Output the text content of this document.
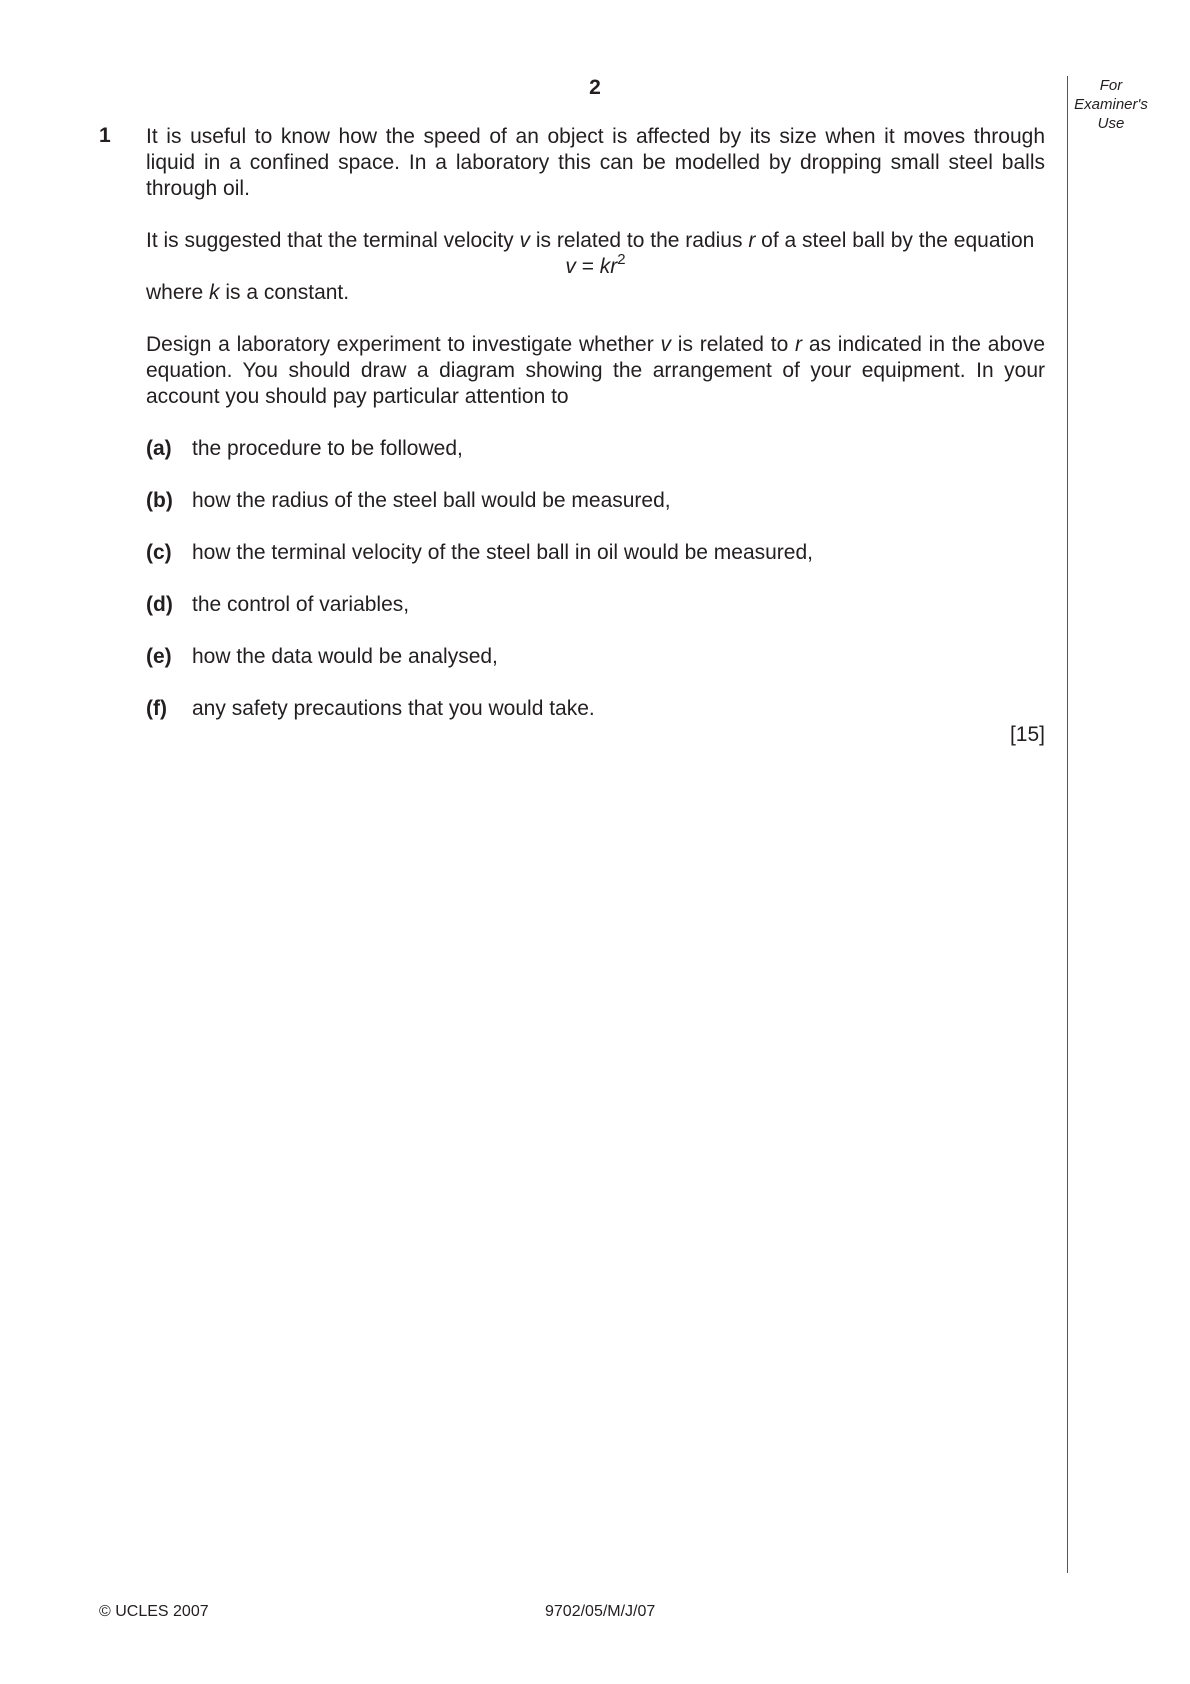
2	For
Examiner's
Use
1 It is useful to know how the speed of an object is affected by its size when it moves through liquid in a confined space. In a laboratory this can be modelled by dropping small steel balls through oil.

It is suggested that the terminal velocity v is related to the radius r of a steel ball by the equation

$v = kr^2$

where k is a constant.

Design a laboratory experiment to investigate whether v is related to r as indicated in the above equation. You should draw a diagram showing the arrangement of your equipment. In your account you should pay particular attention to

(a) the procedure to be followed,
(b) how the radius of the steel ball would be measured,
(c) how the terminal velocity of the steel ball in oil would be measured,
(d) the control of variables,
(e) how the data would be analysed,
(f)	any safety precautions that you would take.

[15]

© UCLES 2007	9702/05/M/J/07
